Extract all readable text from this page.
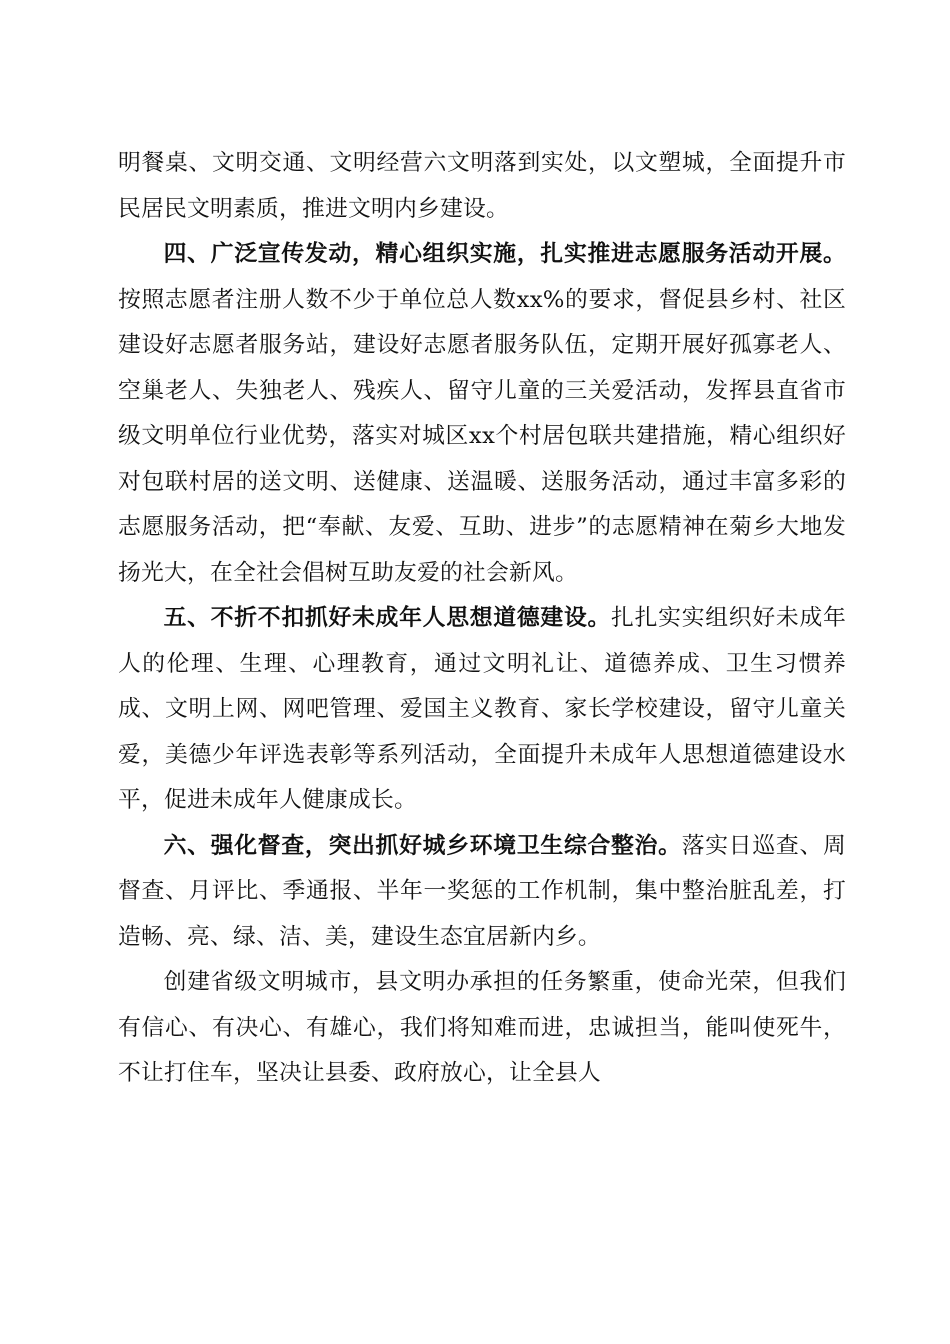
明餐桌、文明交通、文明经营六文明落到实处，以文塑城，全面提升市民居民文明素质，推进文明内乡建设。

四、广泛宣传发动，精心组织实施，扎实推进志愿服务活动开展。按照志愿者注册人数不少于单位总人数xx%的要求，督促县乡村、社区建设好志愿者服务站，建设好志愿者服务队伍，定期开展好孤寡老人、空巢老人、失独老人、残疾人、留守儿童的三关爱活动，发挥县直省市级文明单位行业优势，落实对城区xx个村居包联共建措施，精心组织好对包联村居的送文明、送健康、送温暖、送服务活动，通过丰富多彩的志愿服务活动，把“奉献、友爱、互助、进步”的志愿精神在菊乡大地发扬光大，在全社会倡树互助友爱的社会新风。

五、不折不扣抓好未成年人思想道德建设。扎扎实实组织好未成年人的伦理、生理、心理教育，通过文明礼让、道德养成、卫生习惯养成、文明上网、网吧管理、爱国主义教育、家长学校建设，留守儿童关爱，美德少年评选表彰等系列活动，全面提升未成年人思想道德建设水平，促进未成年人健康成长。

六、强化督查，突出抓好城乡环境卫生综合整治。落实日巡查、周督查、月评比、季通报、半年一奖惩的工作机制，集中整治脏乱差，打造畅、亮、绿、洁、美，建设生态宜居新内乡。

创建省级文明城市，县文明办承担的任务繁重，使命光荣，但我们有信心、有决心、有雄心，我们将知难而进，忠诚担当，能叫使死牛，不让打住车，坚决让县委、政府放心，让全县人
